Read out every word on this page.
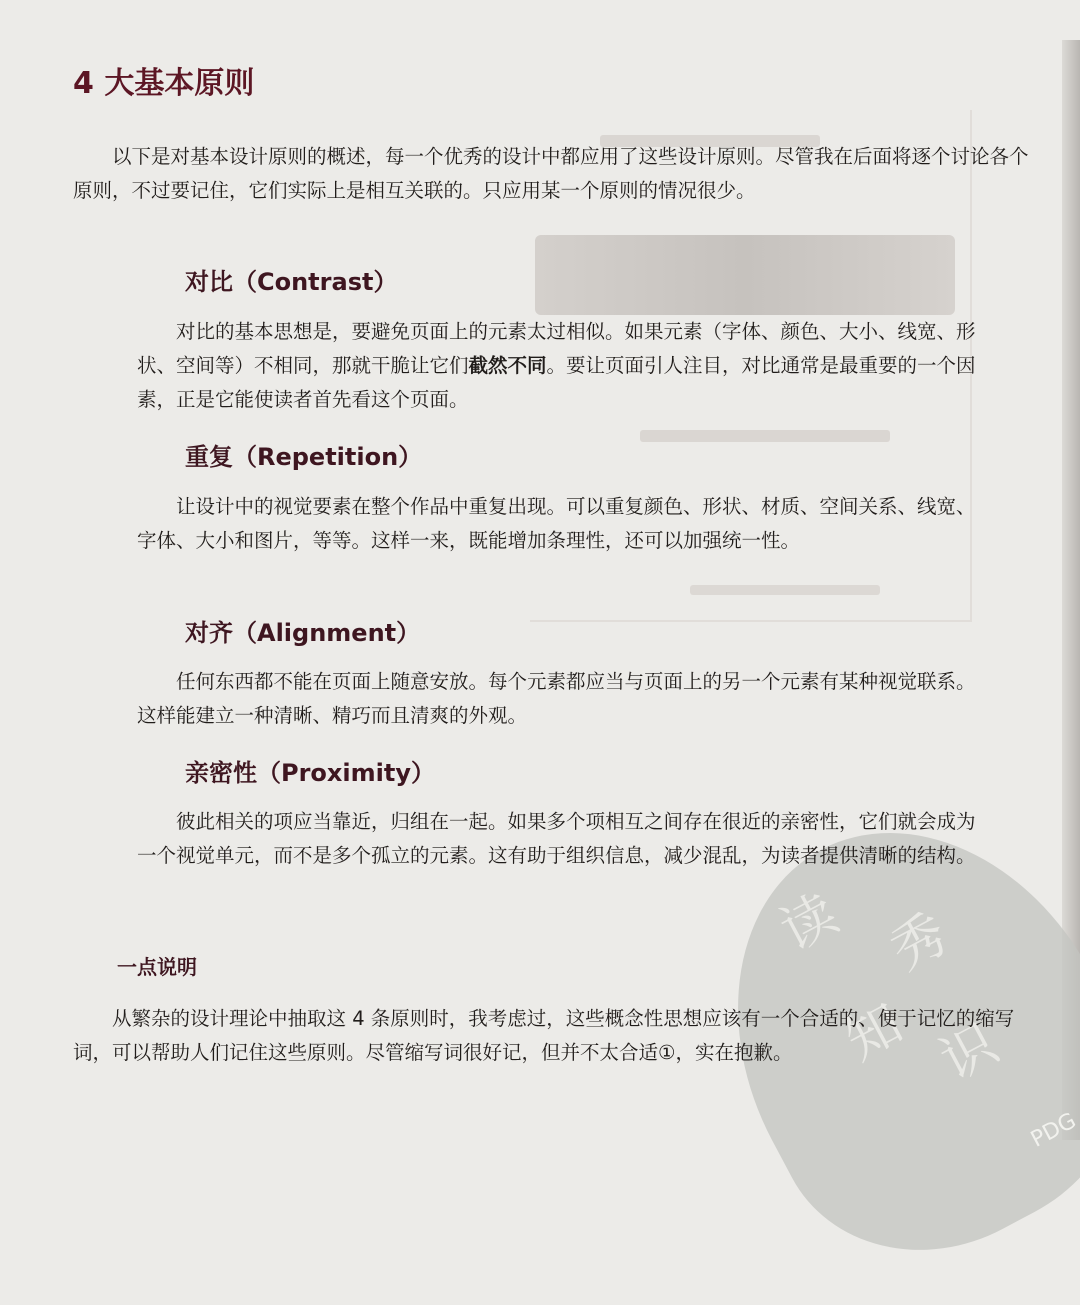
读 秀
知 识
PDG
4 大基本原则

以下是对基本设计原则的概述，每一个优秀的设计中都应用了这些设计原则。尽管我在后面将逐个讨论各个原则，不过要记住，它们实际上是相互关联的。只应用某一个原则的情况很少。

对比（Contrast）

对比的基本思想是，要避免页面上的元素太过相似。如果元素（字体、颜色、大小、线宽、形状、空间等）不相同，那就干脆让它们截然不同。要让页面引人注目，对比通常是最重要的一个因素，正是它能使读者首先看这个页面。

重复（Repetition）

让设计中的视觉要素在整个作品中重复出现。可以重复颜色、形状、材质、空间关系、线宽、字体、大小和图片，等等。这样一来，既能增加条理性，还可以加强统一性。

对齐（Alignment）

任何东西都不能在页面上随意安放。每个元素都应当与页面上的另一个元素有某种视觉联系。这样能建立一种清晰、精巧而且清爽的外观。

亲密性（Proximity）

彼此相关的项应当靠近，归组在一起。如果多个项相互之间存在很近的亲密性，它们就会成为一个视觉单元，而不是多个孤立的元素。这有助于组织信息，减少混乱，为读者提供清晰的结构。

一点说明

从繁杂的设计理论中抽取这 4 条原则时，我考虑过，这些概念性思想应该有一个合适的、便于记忆的缩写词，可以帮助人们记住这些原则。尽管缩写词很好记，但并不太合适①，实在抱歉。
